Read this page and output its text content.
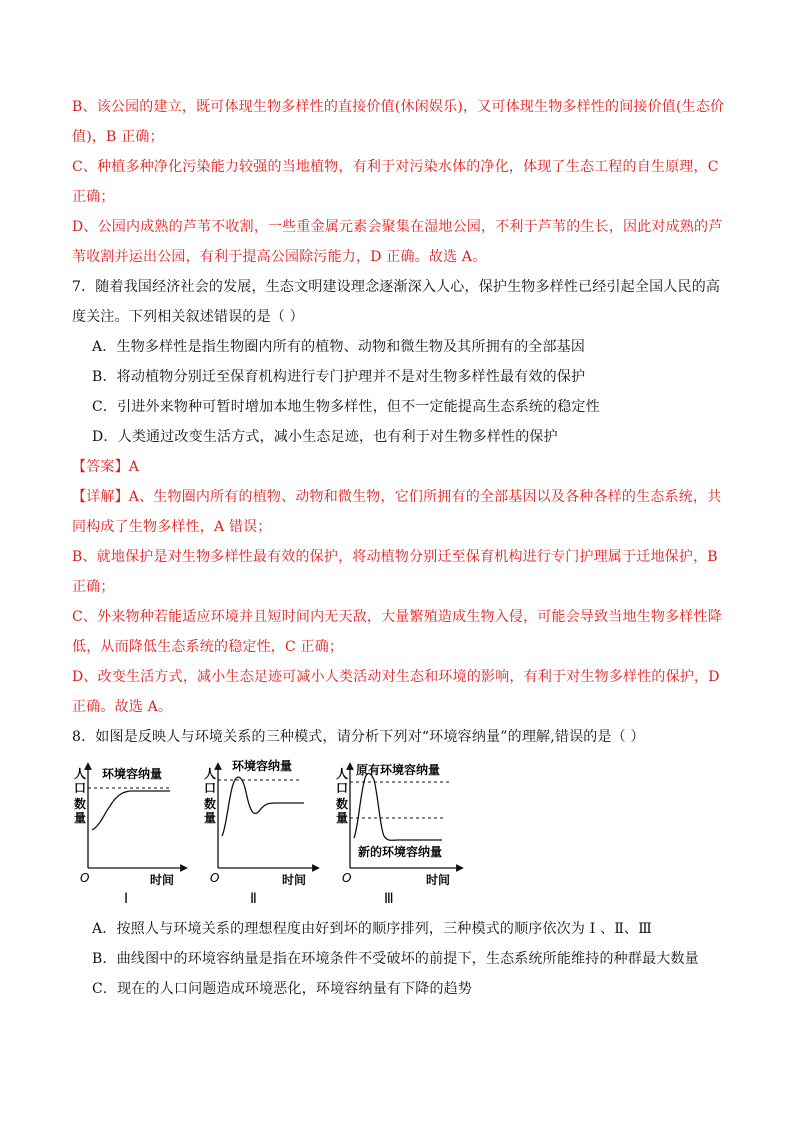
B、该公园的建立，既可体现生物多样性的直接价值(休闲娱乐)，又可体现生物多样性的间接价值(生态价

值)，B 正确；

C、种植多种净化污染能力较强的当地植物，有利于对污染水体的净化，体现了生态工程的自生原理，C

正确；

D、公园内成熟的芦苇不收割，一些重金属元素会聚集在湿地公园，不利于芦苇的生长，因此对成熟的芦

苇收割并运出公园，有利于提高公园除污能力，D 正确。故选 A。

7．随着我国经济社会的发展，生态文明建设理念逐渐深入人心，保护生物多样性已经引起全国人民的高

度关注。下列相关叙述错误的是（ ）

A．生物多样性是指生物圈内所有的植物、动物和微生物及其所拥有的全部基因

B．将动植物分别迁至保育机构进行专门护理并不是对生物多样性最有效的保护

C．引进外来物种可暂时增加本地生物多样性，但不一定能提高生态系统的稳定性

D．人类通过改变生活方式，减小生态足迹，也有利于对生物多样性的保护

【答案】A

【详解】A、生物圈内所有的植物、动物和微生物，它们所拥有的全部基因以及各种各样的生态系统，共

同构成了生物多样性，A 错误；

B、就地保护是对生物多样性最有效的保护，将动植物分别迁至保育机构进行专门护理属于迁地保护，B

正确；

C、外来物种若能适应环境并且短时间内无天敌，大量繁殖造成生物入侵，可能会导致当地生物多样性降

低，从而降低生态系统的稳定性，C 正确；

D、改变生活方式，减小生态足迹可减小人类活动对生态和环境的影响，有利于对生物多样性的保护，D

正确。故选 A。

8．如图是反映人与环境关系的三种模式，请分析下列对“环境容纳量”的理解,错误的是（ ）

人
口
数
量
环境容纳量
O	时间
Ⅰ
人
口
数
量
环境容纳量
O	时间
Ⅱ
人
口
数
量
原有环境容纳量
新的环境容纳量
O	时间
Ⅲ

A．按照人与环境关系的理想程度由好到坏的顺序排列，三种模式的顺序依次为 Ⅰ 、Ⅱ、Ⅲ

B．曲线图中的环境容纳量是指在环境条件不受破坏的前提下，生态系统所能维持的种群最大数量

C．现在的人口问题造成环境恶化，环境容纳量有下降的趋势
